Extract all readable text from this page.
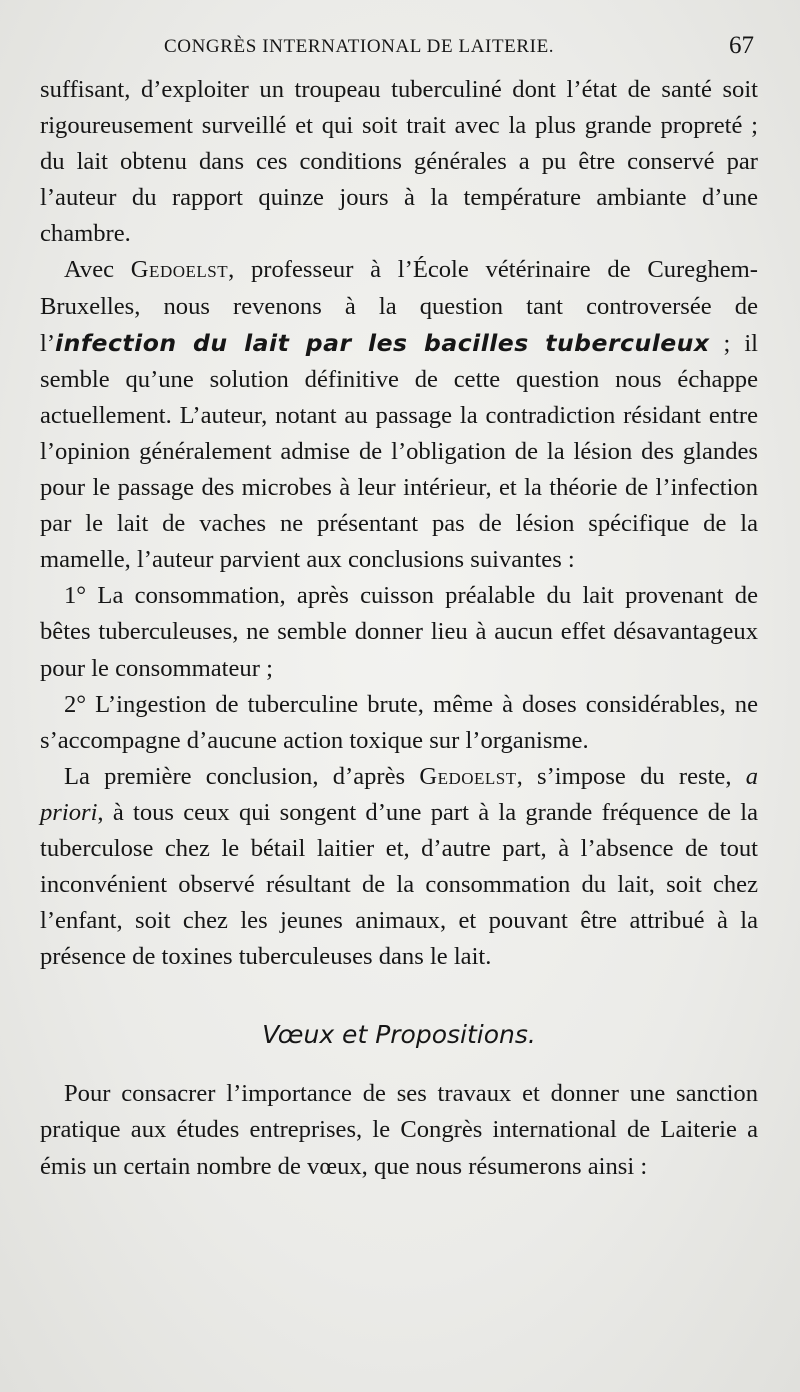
CONGRÈS INTERNATIONAL DE LAITERIE.	67

suffisant, d’exploiter un troupeau tuberculiné dont l’état de santé soit rigoureusement surveillé et qui soit trait avec la plus grande propreté ; du lait obtenu dans ces conditions générales a pu être conservé par l’auteur du rapport quinze jours à la température ambiante d’une chambre.

Avec Gedoelst, professeur à l’École vétérinaire de Cureghem-Bruxelles, nous revenons à la question tant controversée de l’infection du lait par les bacilles tuberculeux ; il semble qu’une solution définitive de cette question nous échappe actuellement. L’auteur, notant au passage la contradiction résidant entre l’opinion généralement admise de l’obligation de la lésion des glandes pour le passage des microbes à leur intérieur, et la théorie de l’infection par le lait de vaches ne présentant pas de lésion spécifique de la mamelle, l’auteur parvient aux conclusions suivantes :

1° La consommation, après cuisson préalable du lait provenant de bêtes tuberculeuses, ne semble donner lieu à aucun effet désavantageux pour le consommateur ;

2° L’ingestion de tuberculine brute, même à doses considérables, ne s’accompagne d’aucune action toxique sur l’organisme.

La première conclusion, d’après Gedoelst, s’impose du reste, a priori, à tous ceux qui songent d’une part à la grande fréquence de la tuberculose chez le bétail laitier et, d’autre part, à l’absence de tout inconvénient observé résultant de la consommation du lait, soit chez l’enfant, soit chez les jeunes animaux, et pouvant être attribué à la présence de toxines tuberculeuses dans le lait.

Vœux et Propositions.

Pour consacrer l’importance de ses travaux et donner une sanction pratique aux études entreprises, le Congrès international de Laiterie a émis un certain nombre de vœux, que nous résumerons ainsi :
